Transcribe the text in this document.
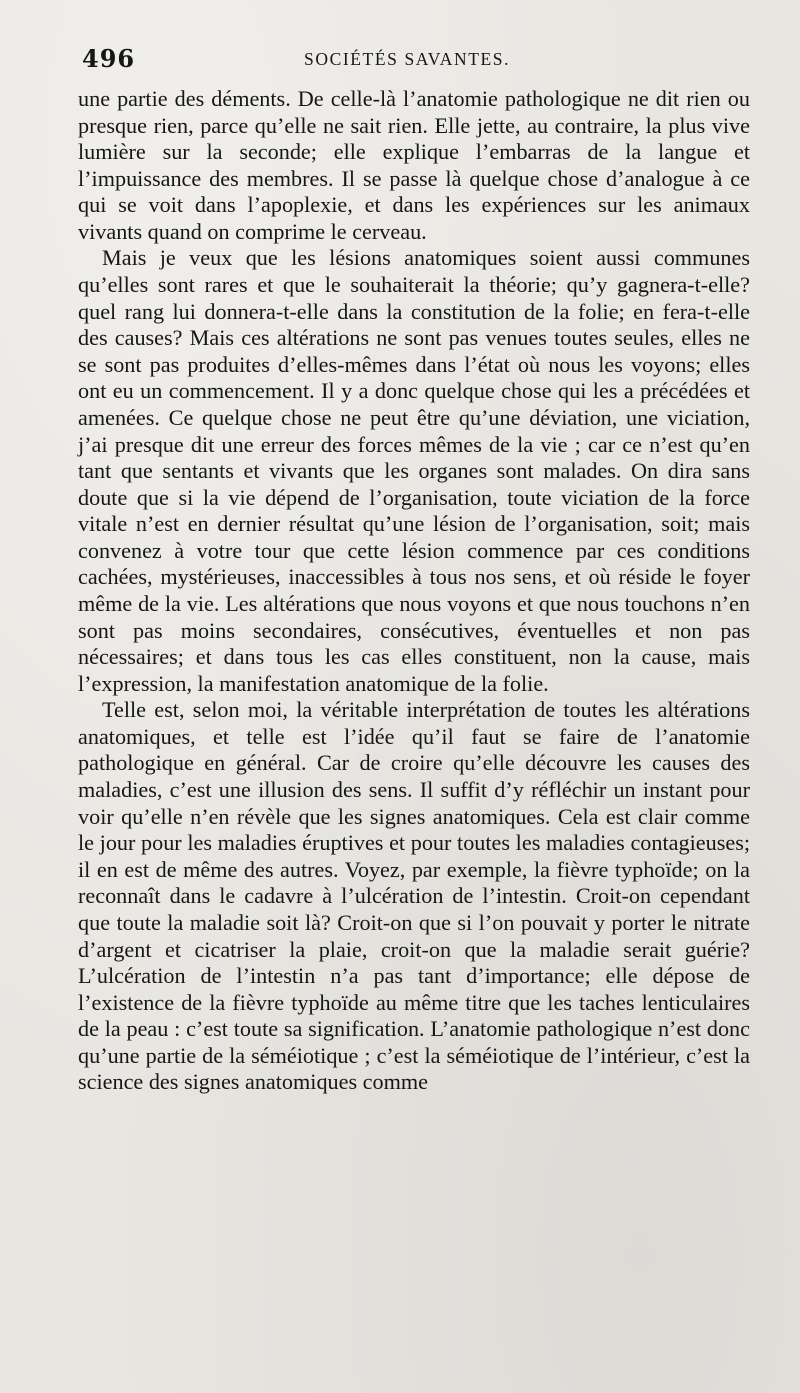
496	SOCIÉTÉS SAVANTES.

une partie des déments. De celle-là l’anatomie pathologique ne dit rien ou presque rien, parce qu’elle ne sait rien. Elle jette, au contraire, la plus vive lumière sur la seconde; elle explique l’embarras de la langue et l’impuissance des membres. Il se passe là quelque chose d’analogue à ce qui se voit dans l’apoplexie, et dans les expériences sur les animaux vivants quand on comprime le cerveau.

Mais je veux que les lésions anatomiques soient aussi communes qu’elles sont rares et que le souhaiterait la théorie; qu’y gagnera-t-elle? quel rang lui donnera-t-elle dans la constitution de la folie; en fera-t-elle des causes? Mais ces altérations ne sont pas venues toutes seules, elles ne se sont pas produites d’elles-mêmes dans l’état où nous les voyons; elles ont eu un commencement. Il y a donc quelque chose qui les a précédées et amenées. Ce quelque chose ne peut être qu’une déviation, une viciation, j’ai presque dit une erreur des forces mêmes de la vie ; car ce n’est qu’en tant que sentants et vivants que les organes sont malades. On dira sans doute que si la vie dépend de l’organisation, toute viciation de la force vitale n’est en dernier résultat qu’une lésion de l’organisation, soit; mais convenez à votre tour que cette lésion commence par ces conditions cachées, mystérieuses, inaccessibles à tous nos sens, et où réside le foyer même de la vie. Les altérations que nous voyons et que nous touchons n’en sont pas moins secondaires, consécutives, éventuelles et non pas nécessaires; et dans tous les cas elles constituent, non la cause, mais l’expression, la manifestation anatomique de la folie.

Telle est, selon moi, la véritable interprétation de toutes les altérations anatomiques, et telle est l’idée qu’il faut se faire de l’anatomie pathologique en général. Car de croire qu’elle découvre les causes des maladies, c’est une illusion des sens. Il suffit d’y réfléchir un instant pour voir qu’elle n’en révèle que les signes anatomiques. Cela est clair comme le jour pour les maladies éruptives et pour toutes les maladies contagieuses; il en est de même des autres. Voyez, par exemple, la fièvre typhoïde; on la reconnaît dans le cadavre à l’ulcération de l’intestin. Croit-on cependant que toute la maladie soit là? Croit-on que si l’on pouvait y porter le nitrate d’argent et cicatriser la plaie, croit-on que la maladie serait guérie? L’ulcération de l’intestin n’a pas tant d’importance; elle dépose de l’existence de la fièvre typhoïde au même titre que les taches lenticulaires de la peau : c’est toute sa signification. L’anatomie pathologique n’est donc qu’une partie de la séméiotique ; c’est la séméiotique de l’intérieur, c’est la science des signes anatomiques comme
